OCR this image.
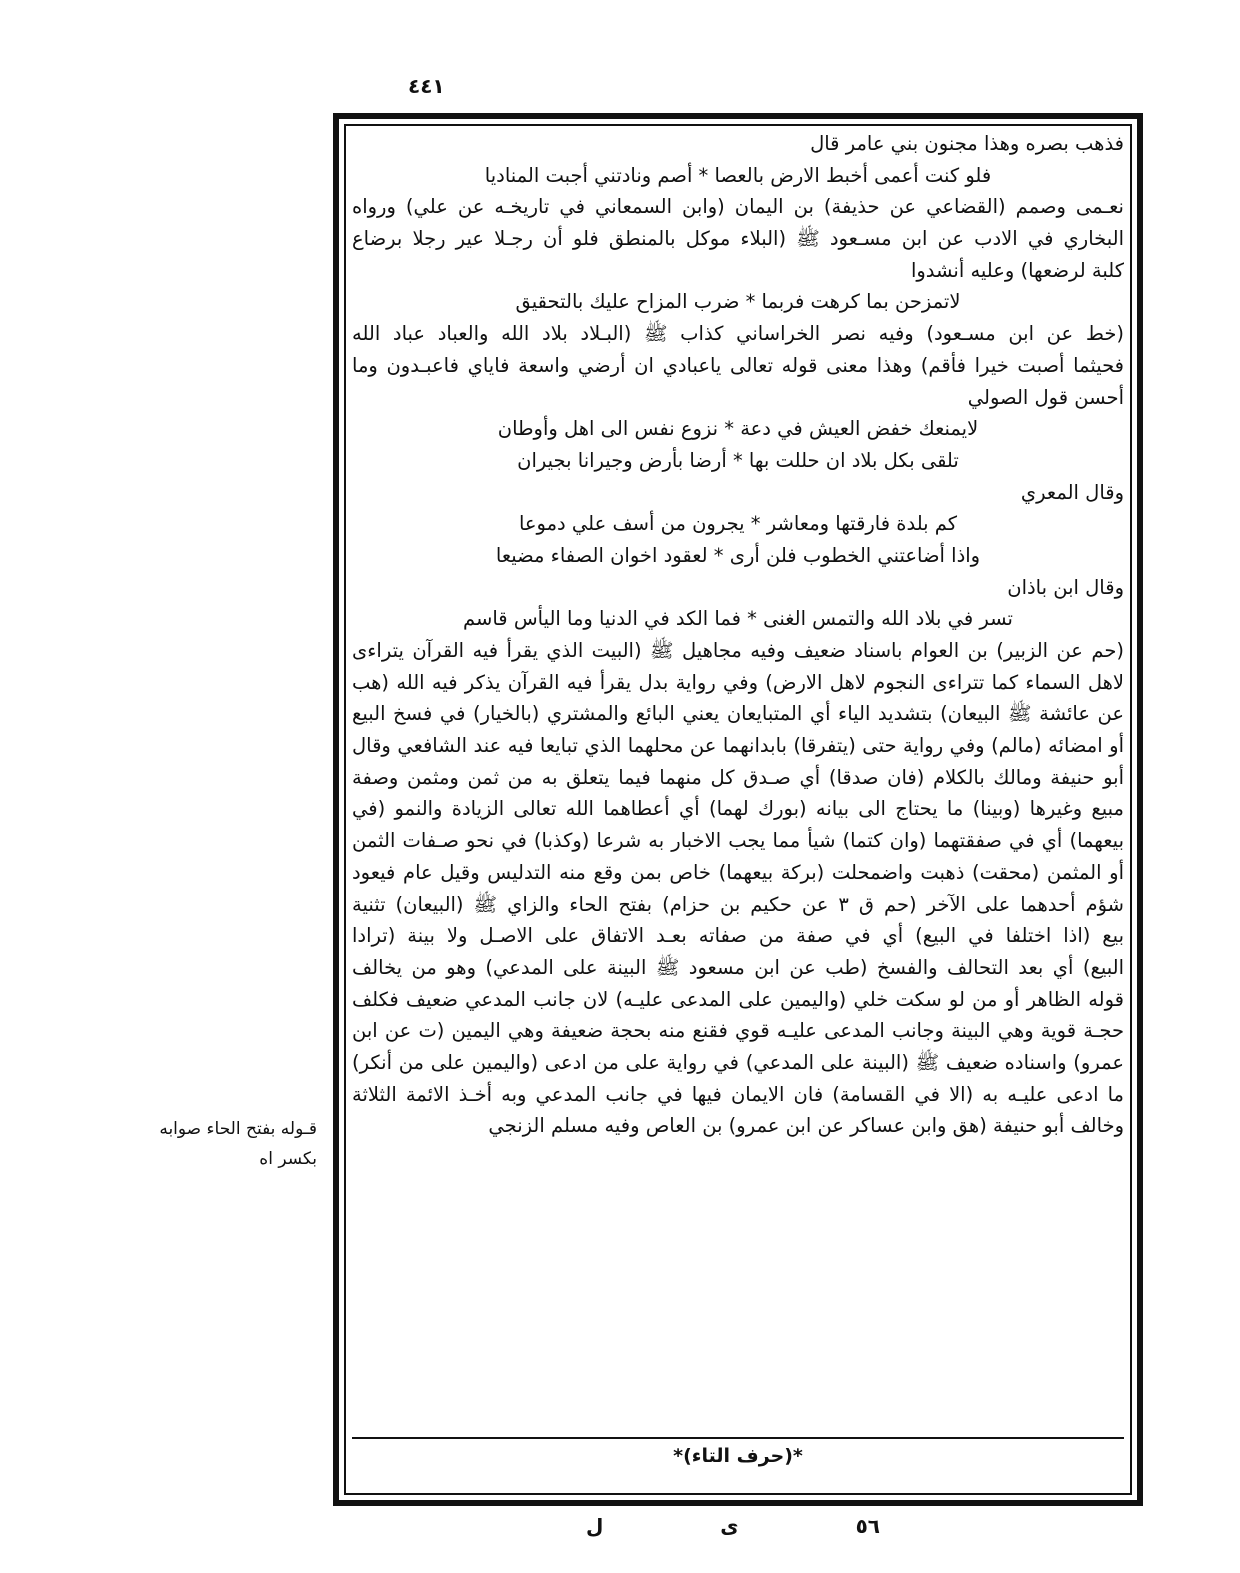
٤٤١
فذهب بصره وهذا مجنون بني عامر قال
فلو كنت أعمى أخبط الارض بالعصا * أصم ونادتني أجبت المناديا
نعـمى وصمم (القضاعي عن حذيفة) بن اليمان (وابن السمعاني في تاريخـه عن علي) ورواه
البخاري في الادب عن ابن مسـعود ﷺ (البلاء موكل بالمنطق فلو أن رجـلا عير رجلا برضاع
كلبة لرضعها) وعليه أنشدوا
لاتمزحن بما كرهت فربما * ضرب المزاح عليك بالتحقيق
(خط عن ابن مسـعود) وفيه نصر الخراساني كذاب ﷺ (البـلاد بلاد الله والعباد عباد الله
فحيثما أصبت خيرا فأقم) وهذا معنى قوله تعالى ياعبادي ان أرضي واسعة فاياي فاعبـدون وما
أحسن قول الصولي
لايمنعك خفض العيش في دعة * نزوع نفس الى اهل وأوطان
تلقى بكل بلاد ان حللت بها * أرضا بأرض وجيرانا بجيران
وقال المعري
كم بلدة فارقتها ومعاشر * يجرون من أسف علي دموعا
واذا أضاعتني الخطوب فلن أرى * لعقود اخوان الصفاء مضيعا
وقال ابن باذان
تسر في بلاد الله والتمس الغنى * فما الكد في الدنيا وما اليأس قاسم
(حم عن الزبير) بن العوام باسناد ضعيف وفيه مجاهيل ﷺ (البيت الذي يقرأ فيه القرآن يتراءى
لاهل السماء كما تتراءى النجوم لاهل الارض) وفي رواية بدل يقرأ فيه القرآن يذكر فيه الله (هب
عن عائشة ﷺ البيعان) بتشديد الياء أي المتبايعان يعني البائع والمشتري (بالخيار) في فسخ البيع
أو امضائه (مالم) وفي رواية حتى (يتفرقا) بابدانهما عن محلهما الذي تبايعا فيه عند الشافعي وقال
أبو حنيفة ومالك بالكلام (فان صدقا) أي صـدق كل منهما فيما يتعلق به من ثمن ومثمن وصفة
مبيع وغيرها (وبينا) ما يحتاج الى بيانه (بورك لهما) أي أعطاهما الله تعالى الزيادة والنمو (في
بيعهما) أي في صفقتهما (وان كتما) شيأ مما يجب الاخبار به شرعا (وكذبا) في نحو صـفات الثمن
أو المثمن (محقت) ذهبت واضمحلت (بركة بيعهما) خاص بمن وقع منه التدليس وقيل عام فيعود
شؤم أحدهما على الآخر (حم ق ٣ عن حكيم بن حزام) بفتح الحاء والزاي ﷺ (البيعان) تثنية
بيع (اذا اختلفا في البيع) أي في صفة من صفاته بعـد الاتفاق على الاصـل ولا بينة (ترادا
البيع) أي بعد التحالف والفسخ (طب عن ابن مسعود ﷺ البينة على المدعي) وهو من يخالف
قوله الظاهر أو من لو سكت خلي (واليمين على المدعى عليـه) لان جانب المدعي ضعيف فكلف
حجـة قوية وهي البينة وجانب المدعى عليـه قوي فقنع منه بحجة ضعيفة وهي اليمين (ت عن ابن
عمرو) واسناده ضعيف ﷺ (البينة على المدعي) في رواية على من ادعى (واليمين على من أنكر)
ما ادعى عليـه به (الا في القسامة) فان الايمان فيها في جانب المدعي وبه أخـذ الائمة الثلاثة
وخالف أبو حنيفة (هق وابن عساكر عن ابن عمرو) بن العاص وفيه مسلم الزنجي
*(حرف التاء)*
قـوله بفتح الحاء صوابه
بكسر اه
٥٦ ى ل
